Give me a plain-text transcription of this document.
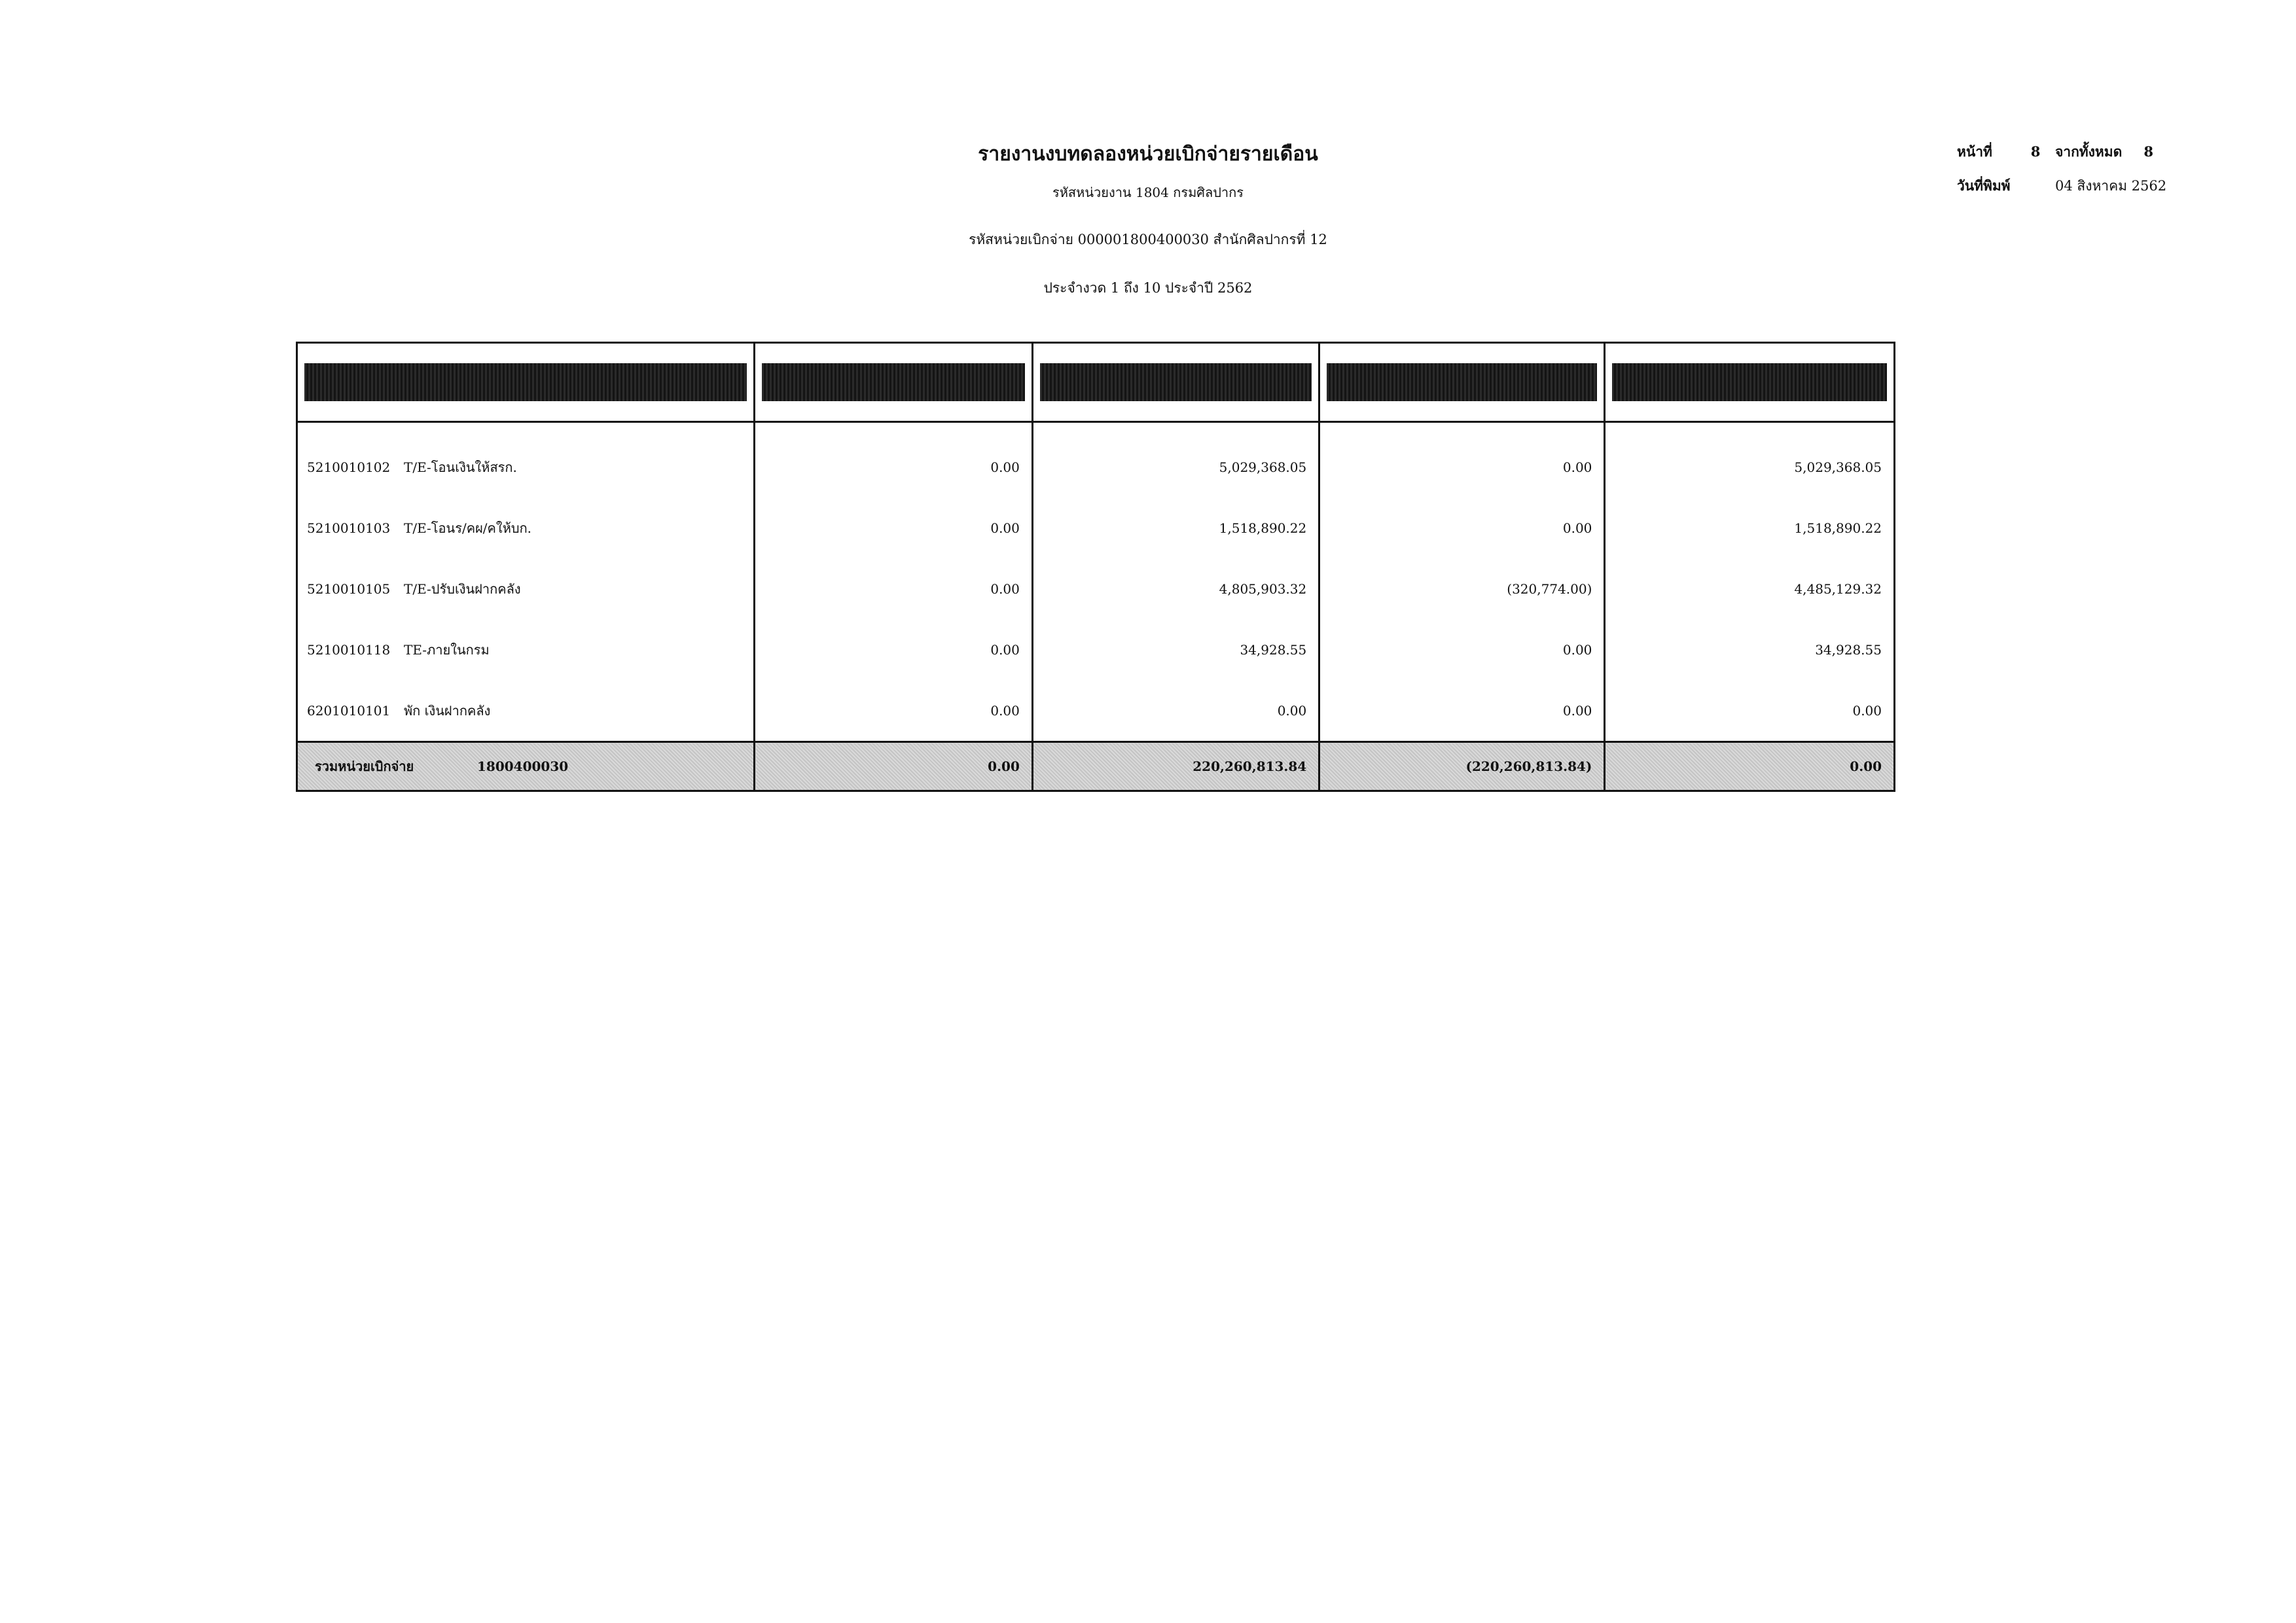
รายงานงบทดลองหน่วยเบิกจ่ายรายเดือน
รหัสหน่วยงาน 1804 กรมศิลปากร
รหัสหน่วยเบิกจ่าย 000001800400030 สำนักศิลปากรที่ 12
ประจำงวด 1 ถึง 10 ประจำปี 2562
หน้าที่	8	จากทั้งหมด	8
วันที่พิมพ์	04 สิงหาคม 2562

5210010102 T/E-โอนเงินให้สรก.	0.00	5,029,368.05	0.00	5,029,368.05
5210010103 T/E-โอนร/คผ/คให้บก.	0.00	1,518,890.22	0.00	1,518,890.22
5210010105 T/E-ปรับเงินฝากคลัง	0.00	4,805,903.32	(320,774.00)	4,485,129.32
5210010118 TE-ภายในกรม	0.00	34,928.55	0.00	34,928.55
6201010101 พัก เงินฝากคลัง	0.00	0.00	0.00	0.00
รวมหน่วยเบิกจ่าย 1800400030	0.00	220,260,813.84	(220,260,813.84)	0.00
